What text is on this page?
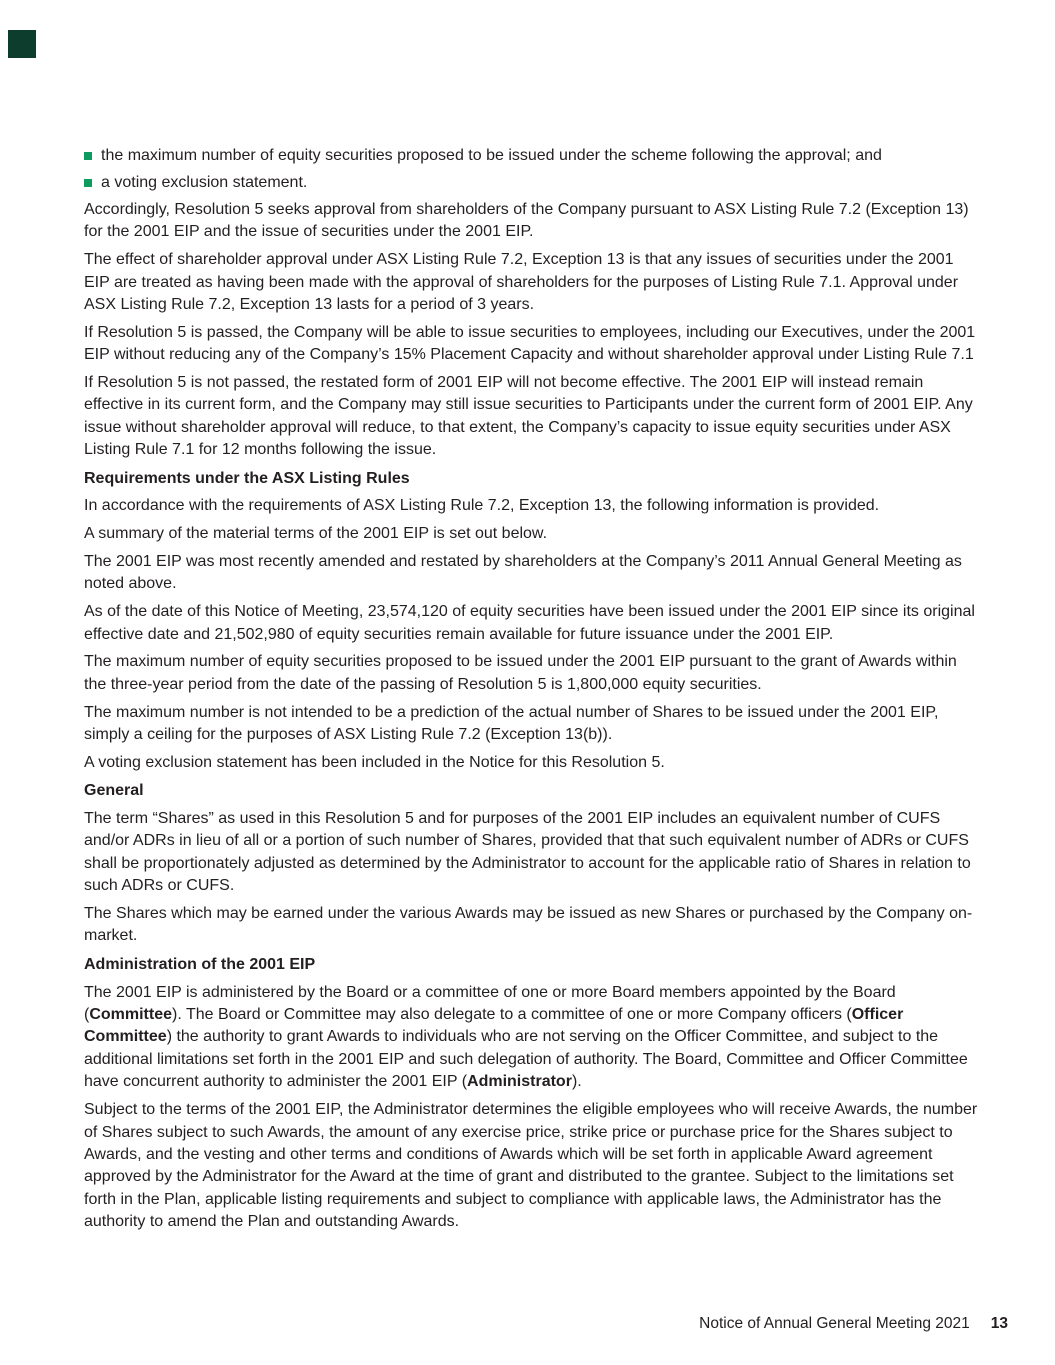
the maximum number of equity securities proposed to be issued under the scheme following the approval; and
a voting exclusion statement.

Accordingly, Resolution 5 seeks approval from shareholders of the Company pursuant to ASX Listing Rule 7.2 (Exception 13) for the 2001 EIP and the issue of securities under the 2001 EIP.

The effect of shareholder approval under ASX Listing Rule 7.2, Exception 13 is that any issues of securities under the 2001 EIP are treated as having been made with the approval of shareholders for the purposes of Listing Rule 7.1. Approval under ASX Listing Rule 7.2, Exception 13 lasts for a period of 3 years.

If Resolution 5 is passed, the Company will be able to issue securities to employees, including our Executives, under the 2001 EIP without reducing any of the Company’s 15% Placement Capacity and without shareholder approval under Listing Rule 7.1

If Resolution 5 is not passed, the restated form of 2001 EIP will not become effective. The 2001 EIP will instead remain effective in its current form, and the Company may still issue securities to Participants under the current form of 2001 EIP. Any issue without shareholder approval will reduce, to that extent, the Company’s capacity to issue equity securities under ASX Listing Rule 7.1 for 12 months following the issue.

Requirements under the ASX Listing Rules

In accordance with the requirements of ASX Listing Rule 7.2, Exception 13, the following information is provided.

A summary of the material terms of the 2001 EIP is set out below.

The 2001 EIP was most recently amended and restated by shareholders at the Company’s 2011 Annual General Meeting as noted above.

As of the date of this Notice of Meeting, 23,574,120 of equity securities have been issued under the 2001 EIP since its original effective date and 21,502,980 of equity securities remain available for future issuance under the 2001 EIP.

The maximum number of equity securities proposed to be issued under the 2001 EIP pursuant to the grant of Awards within the three-year period from the date of the passing of Resolution 5 is 1,800,000 equity securities.

The maximum number is not intended to be a prediction of the actual number of Shares to be issued under the 2001 EIP, simply a ceiling for the purposes of ASX Listing Rule 7.2 (Exception 13(b)).

A voting exclusion statement has been included in the Notice for this Resolution 5.

General

The term “Shares” as used in this Resolution 5 and for purposes of the 2001 EIP includes an equivalent number of CUFS and/or ADRs in lieu of all or a portion of such number of Shares, provided that that such equivalent number of ADRs or CUFS shall be proportionately adjusted as determined by the Administrator to account for the applicable ratio of Shares in relation to such ADRs or CUFS.

The Shares which may be earned under the various Awards may be issued as new Shares or purchased by the Company on-market.

Administration of the 2001 EIP

The 2001 EIP is administered by the Board or a committee of one or more Board members appointed by the Board (Committee). The Board or Committee may also delegate to a committee of one or more Company officers (Officer Committee) the authority to grant Awards to individuals who are not serving on the Officer Committee, and subject to the additional limitations set forth in the 2001 EIP and such delegation of authority. The Board, Committee and Officer Committee have concurrent authority to administer the 2001 EIP (Administrator).

Subject to the terms of the 2001 EIP, the Administrator determines the eligible employees who will receive Awards, the number of Shares subject to such Awards, the amount of any exercise price, strike price or purchase price for the Shares subject to Awards, and the vesting and other terms and conditions of Awards which will be set forth in applicable Award agreement approved by the Administrator for the Award at the time of grant and distributed to the grantee. Subject to the limitations set forth in the Plan, applicable listing requirements and subject to compliance with applicable laws, the Administrator has the authority to amend the Plan and outstanding Awards.

Notice of Annual General Meeting 2021 13
